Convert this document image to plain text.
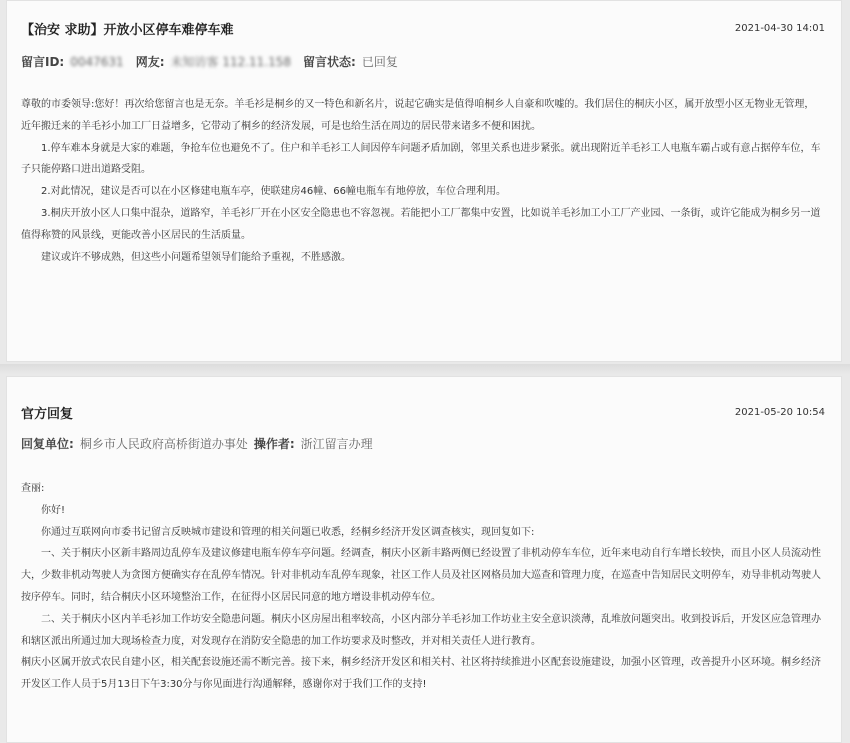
【治安 求助】开放小区停车难停车难	2021-04-30 14:01
留言ID: 0047631 网友: 未知访客 112.11.158 留言状态: 已回复

尊敬的市委领导:您好！再次给您留言也是无奈。羊毛衫是桐乡的又一特色和新名片，说起它确实是值得咱桐乡人自豪和吹嘘的。我们居住的桐庆小区，属开放型小区无物业无管理，近年搬迁来的羊毛衫小加工厂日益增多，它带动了桐乡的经济发展，可是也给生活在周边的居民带来诸多不便和困扰。

1.停车难本身就是大家的难题，争抢车位也避免不了。住户和羊毛衫工人间因停车问题矛盾加剧，邻里关系也进步紧张。就出现附近羊毛衫工人电瓶车霸占或有意占据停车位，车子只能停路口进出道路受阻。

2.对此情况，建议是否可以在小区修建电瓶车亭，使联建房46幢、66幢电瓶车有地停放，车位合理利用。

3.桐庆开放小区人口集中混杂，道路窄，羊毛衫厂开在小区安全隐患也不容忽视。若能把小工厂都集中安置，比如说羊毛衫加工小工厂产业园、一条街，或许它能成为桐乡另一道值得称赞的风景线，更能改善小区居民的生活质量。

建议或许不够成熟，但这些小问题希望领导们能给予重视，不胜感激。

官方回复	2021-05-20 10:54
回复单位: 桐乡市人民政府高桥街道办事处 操作者: 浙江留言办理

查丽:

你好!

你通过互联网向市委书记留言反映城市建设和管理的相关问题已收悉，经桐乡经济开发区调查核实，现回复如下:

一、关于桐庆小区新丰路周边乱停车及建议修建电瓶车停车亭问题。经调查，桐庆小区新丰路两侧已经设置了非机动停车车位，近年来电动自行车增长较快，而且小区人员流动性大，少数非机动驾驶人为贪图方便确实存在乱停车情况。针对非机动车乱停车现象，社区工作人员及社区网格员加大巡查和管理力度，在巡查中告知居民文明停车，劝导非机动驾驶人按序停车。同时，结合桐庆小区环境整治工作，在征得小区居民同意的地方增设非机动停车位。

二、关于桐庆小区内羊毛衫加工作坊安全隐患问题。桐庆小区房屋出租率较高，小区内部分羊毛衫加工作坊业主安全意识淡薄，乱堆放问题突出。收到投诉后，开发区应急管理办和辖区派出所通过加大现场检查力度，对发现存在消防安全隐患的加工作坊要求及时整改，并对相关责任人进行教育。

桐庆小区属开放式农民自建小区，相关配套设施还需不断完善。接下来，桐乡经济开发区和相关村、社区将持续推进小区配套设施建设，加强小区管理，改善提升小区环境。桐乡经济开发区工作人员于5月13日下午3:30分与你见面进行沟通解释，感谢你对于我们工作的支持!
